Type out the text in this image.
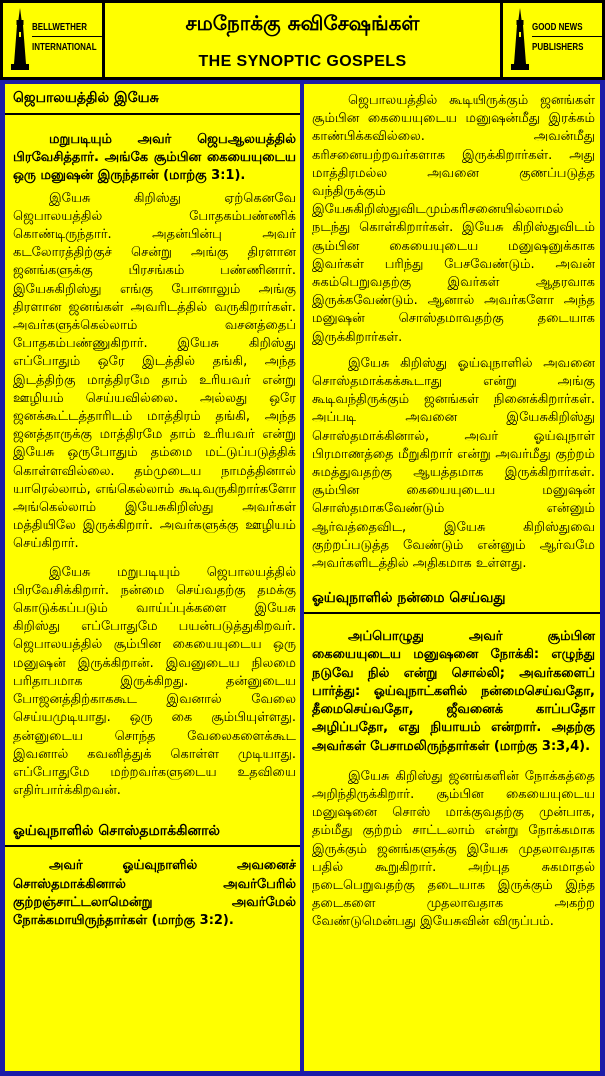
BELLWETHER
INTERNATIONAL
சமநோக்கு சுவிசேஷங்கள்
THE SYNOPTIC GOSPELS
GOOD NEWS
PUBLISHERS
ஜெபாலயத்தில் இயேசு

மறுபடியும் அவர் ஜெபஆலயத்தில் பிரவேசித்தார். அங்கே சூம்பின கையையுடைய ஒரு மனுஷன் இருந்தான் (மாற்கு 3:1).

இயேசு கிறிஸ்து ஏற்கெனவே ஜெபாலயத்தில் போதகம்பண்ணிக் கொண்டிருந்தார். அதன்பின்பு அவர் கடலோரத்திற்குச் சென்று அங்கு திரளான ஜனங்களுக்கு பிரசங்கம் பண்ணினார். இயேசுகிறிஸ்து எங்கு போனாலும் அங்கு திரளான ஜனங்கள் அவரிடத்தில் வருகிறார்கள். அவர்களுக்கெல்லாம் வசனத்தைப் போதகம்பண்ணுகிறார். இயேசு கிறிஸ்து எப்போதும் ஒரே இடத்தில் தங்கி, அந்த இடத்திற்கு மாத்திரமே தாம் உரியவர் என்று ஊழியம் செய்யவில்லை. அல்லது ஒரே ஜனக்கூட்டத்தாரிடம் மாத்திரம் தங்கி, அந்த ஜனத்தாருக்கு மாத்திரமே தாம் உரியவர் என்று இயேசு ஒருபோதும் தம்மை மட்டுப்படுத்திக் கொள்ளவில்லை. தம்முடைய நாமத்தினால் யாரெல்லாம், எங்கெல்லாம் கூடிவருகிறார்களோ அங்கெல்லாம் இயேசுகிறிஸ்து அவர்கள் மத்தியிலே இருக்கிறார். அவர்களுக்கு ஊழியம் செய்கிறார்.

இயேசு மறுபடியும் ஜெபாலயத்தில் பிரவேசிக்கிறார். நன்மை செய்வதற்கு தமக்கு கொடுக்கப்படும் வாய்ப்புக்களை இயேசு கிறிஸ்து எப்போதுமே பயன்படுத்துகிறவர். ஜெபாலயத்தில் சூம்பின கையையுடைய ஒரு மனுஷன் இருக்கிறான். இவனுடைய நிலமை பரிதாபமாக இருக்கிறது. தன்னுடைய போஜனத்திற்காககூட இவனால் வேலை செய்யமுடியாது. ஒரு கை சூம்பியுள்ளது. தன்னுடைய சொந்த வேலைகளைக்கூட இவனால் கவனித்துக் கொள்ள முடியாது. எப்போதுமே மற்றவர்களுடைய உதவியை எதிர்பார்க்கிறவன்.

ஓய்வுநாளில் சொஸ்தமாக்கினால்

அவர் ஓய்வுநாளில் அவனைச் சொஸ்தமாக்கினால் அவர்பேரில் குற்றஞ்சாட்டலாமென்று அவர்மேல் நோக்கமாயிருந்தார்கள் (மாற்கு 3:2).

ஜெபாலயத்தில் கூடியிருக்கும் ஜனங்கள் சூம்பின கையையுடைய மனுஷன்மீது இரக்கம் காண்பிக்கவில்லை. அவன்மீது கரிசனையற்றவர்களாக இருக்கிறார்கள். அது மாத்திரமல்ல அவனை குணப்படுத்த வந்திருக்கும் இயேசுகிறிஸ்துவிடமும்கரிசனையில்லாமல் நடந்து கொள்கிறார்கள். இயேசு கிறிஸ்துவிடம் சூம்பின கையையுடைய மனுஷனுக்காக இவர்கள் பரிந்து பேசவேண்டும். அவன் சுகம்பெறுவதற்கு இவர்கள் ஆதரவாக இருக்கவேண்டும். ஆனால் அவர்களோ அந்த மனுஷன் சொஸ்தமாவதற்கு தடையாக இருக்கிறார்கள்.

இயேசு கிறிஸ்து ஓய்வுநாளில் அவனை சொஸ்தமாக்கக்கூடாது என்று அங்கு கூடிவந்திருக்கும் ஜனங்கள் நினைக்கிறார்கள். அப்படி அவனை இயேசுகிறிஸ்து சொஸ்தமாக்கினால், அவர் ஓய்வுநாள் பிரமாணத்தை மீறுகிறார் என்று அவர்மீது குற்றம் சுமத்துவதற்கு ஆயத்தமாக இருக்கிறார்கள். சூம்பின கையையுடைய மனுஷன் சொஸ்தமாகவேண்டும் என்னும் ஆர்வத்தைவிட, இயேசு கிறிஸ்துவை குற்றப்படுத்த வேண்டும் என்னும் ஆர்வமே அவர்களிடத்தில் அதிகமாக உள்ளது.

ஓய்வுநாளில் நன்மை செய்வது

அப்பொழுது அவர் சூம்பின கையையுடைய மனுஷனை நோக்கி: எழுந்து நடுவே நில் என்று சொல்லி; அவர்களைப் பார்த்து: ஓய்வுநாட்களில் நன்மைசெய்வதோ, தீமைசெய்வதோ, ஜீவனைக் காப்பதோ அழிப்பதோ, எது நியாயம் என்றார். அதற்கு அவர்கள் பேசாமலிருந்தார்கள் (மாற்கு 3:3,4).

இயேசு கிறிஸ்து ஜனங்களின் நோக்கத்தை அறிந்திருக்கிறார். சூம்பின கையையுடைய மனுஷனை சொஸ் மாக்குவதற்கு முன்பாக, தம்மீது குற்றம் சாட்டலாம் என்று நோக்கமாக இருக்கும் ஜனங்களுக்கு இயேசு முதலாவதாக பதில் கூறுகிறார். அற்புத சுகமாதல் நடைபெறுவதற்கு தடையாக இருக்கும் இந்த தடைகளை முதலாவதாக அகற்ற வேண்டுமென்பது இயேசுவின் விருப்பம்.
